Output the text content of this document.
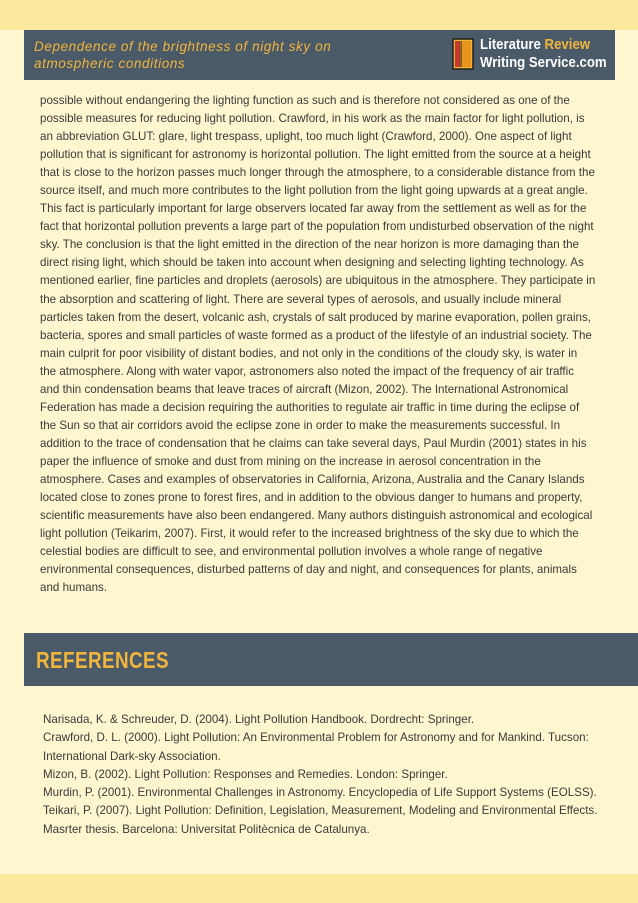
Dependence of the brightness of night sky on atmospheric conditions
Literature Review
Writing Service.com

possible without endangering the lighting function as such and is therefore not considered as one of the possible measures for reducing light pollution. Crawford, in his work as the main factor for light pollution, is an abbreviation GLUT: glare, light trespass, uplight, too much light (Crawford, 2000). One aspect of light pollution that is significant for astronomy is horizontal pollution. The light emitted from the source at a height that is close to the horizon passes much longer through the atmosphere, to a considerable distance from the source itself, and much more contributes to the light pollution from the light going upwards at a great angle. This fact is particularly important for large observers located far away from the settlement as well as for the fact that horizontal pollution prevents a large part of the population from undisturbed observation of the night sky. The conclusion is that the light emitted in the direction of the near horizon is more damaging than the direct rising light, which should be taken into account when designing and selecting lighting technology. As mentioned earlier, fine particles and droplets (aerosols) are ubiquitous in the atmosphere. They participate in the absorption and scattering of light. There are several types of aerosols, and usually include mineral particles taken from the desert, volcanic ash, crystals of salt produced by marine evaporation, pollen grains, bacteria, spores and small particles of waste formed as a product of the lifestyle of an industrial society. The main culprit for poor visibility of distant bodies, and not only in the conditions of the cloudy sky, is water in the atmosphere. Along with water vapor, astronomers also noted the impact of the frequency of air traffic and thin condensation beams that leave traces of aircraft (Mizon, 2002). The International Astronomical Federation has made a decision requiring the authorities to regulate air traffic in time during the eclipse of the Sun so that air corridors avoid the eclipse zone in order to make the measurements successful. In addition to the trace of condensation that he claims can take several days, Paul Murdin (2001) states in his paper the influence of smoke and dust from mining on the increase in aerosol concentration in the atmosphere. Cases and examples of observatories in California, Arizona, Australia and the Canary Islands located close to zones prone to forest fires, and in addition to the obvious danger to humans and property, scientific measurements have also been endangered. Many authors distinguish astronomical and ecological light pollution (Teikarim, 2007). First, it would refer to the increased brightness of the sky due to which the celestial bodies are difficult to see, and environmental pollution involves a whole range of negative environmental consequences, disturbed patterns of day and night, and consequences for plants, animals and humans.

REFERENCES
Narisada, K. & Schreuder, D. (2004). Light Pollution Handbook. Dordrecht: Springer.
Crawford, D. L. (2000). Light Pollution: An Environmental Problem for Astronomy and for Mankind. Tucson: International Dark-sky Association.
Mizon, B. (2002). Light Pollution: Responses and Remedies. London: Springer.
Murdin, P. (2001). Environmental Challenges in Astronomy. Encyclopedia of Life Support Systems (EOLSS).
Teikari, P. (2007). Light Pollution: Definition, Legislation, Measurement, Modeling and Environmental Effects. Masrter thesis. Barcelona: Universitat Politècnica de Catalunya.
